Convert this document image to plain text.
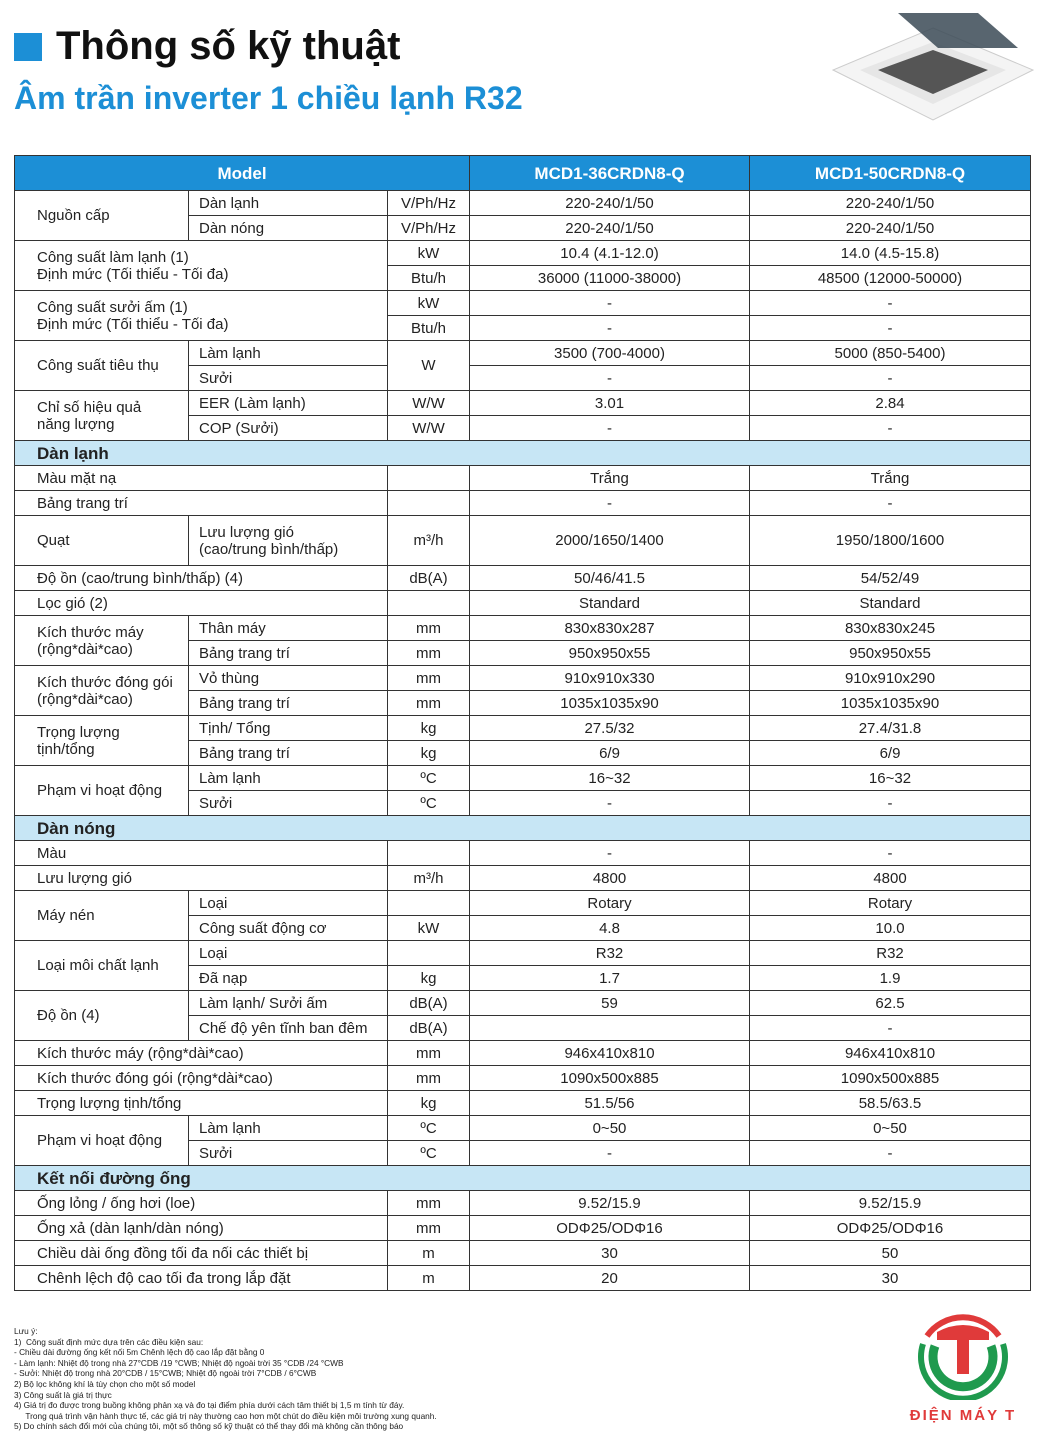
Thông số kỹ thuật
Âm trần inverter 1 chiều lạnh R32
Model			MCD1-36CRDN8-Q	MCD1-50CRDN8-Q
Nguồn cấp	Dàn lạnh	V/Ph/Hz	220-240/1/50	220-240/1/50
	Dàn nóng	V/Ph/Hz	220-240/1/50	220-240/1/50
Công suất làm lạnh (1)
Định mức (Tối thiểu - Tối đa)		kW	10.4 (4.1-12.0)	14.0 (4.5-15.8)
		Btu/h	36000 (11000-38000)	48500 (12000-50000)
Công suất sưởi ấm (1)
Định mức (Tối thiểu - Tối đa)		kW	-	-
		Btu/h	-	-
Công suất tiêu thụ	Làm lạnh	W	3500 (700-4000)	5000 (850-5400)
	Sưởi		-	-
Chỉ số hiệu quả
năng lượng	EER (Làm lạnh)	W/W	3.01	2.84
	COP (Sưởi)	W/W	-	-
Dàn lạnh				
Màu mặt nạ			Trắng	Trắng
Bảng trang trí			-	-
Quạt	Lưu lượng gió
(cao/trung bình/thấp)	m³/h	2000/1650/1400	1950/1800/1600
Độ ồn (cao/trung bình/thấp) (4)		dB(A)	50/46/41.5	54/52/49
Lọc gió (2)			Standard	Standard
Kích thước máy
(rộng*dài*cao)	Thân máy	mm	830x830x287	830x830x245
	Bảng trang trí	mm	950x950x55	950x950x55
Kích thước đóng gói
(rộng*dài*cao)	Vỏ thùng	mm	910x910x330	910x910x290
	Bảng trang trí	mm	1035x1035x90	1035x1035x90
Trọng lượng
tịnh/tổng	Tịnh/ Tổng	kg	27.5/32	27.4/31.8
	Bảng trang trí	kg	6/9	6/9
Phạm vi hoạt động	Làm lạnh	ºC	16~32	16~32
	Sưởi	ºC	-	-
Dàn nóng				
Màu			-	-
Lưu lượng gió		m³/h	4800	4800
Máy nén	Loại		Rotary	Rotary
	Công suất động cơ	kW	4.8	10.0
Loại môi chất lạnh	Loại		R32	R32
	Đã nạp	kg	1.7	1.9
Độ ồn (4)	Làm lạnh/ Sưởi ấm	dB(A)	59	62.5
	Chế độ yên tĩnh ban đêm	dB(A)		-
Kích thước máy (rộng*dài*cao)		mm	946x410x810	946x410x810
Kích thước đóng gói (rộng*dài*cao)		mm	1090x500x885	1090x500x885
Trọng lượng tịnh/tổng		kg	51.5/56	58.5/63.5
Phạm vi hoạt động	Làm lạnh	ºC	0~50	0~50
	Sưởi	ºC	-	-
Kết nối đường ống				
Ống lỏng / ống hơi (loe)		mm	9.52/15.9	9.52/15.9
Ống xả (dàn lạnh/dàn nóng)		mm	ODΦ25/ODΦ16	ODΦ25/ODΦ16
Chiều dài ống đồng tối đa nối các thiết bị		m	30	50
Chênh lệch độ cao tối đa trong lắp đặt		m	20	30
Lưu ý:
1)  Công suất định mức dựa trên các điều kiện sau:
- Chiều dài đường ống kết nối 5m Chênh lệch độ cao lắp đặt bằng 0
- Làm lạnh: Nhiệt độ trong nhà 27°CDB /19 °CWB; Nhiệt độ ngoài trời 35 °CDB /24 °CWB
- Sưởi: Nhiệt độ trong nhà 20°CDB / 15°CWB; Nhiệt độ ngoài trời 7°CDB / 6°CWB
2) Bộ lọc không khí là tùy chọn cho một số model
3) Công suất là giá trị thực
4) Giá trị đo được trong buồng không phản xạ và đo tại điểm phía dưới cách tâm thiết bị 1,5 m tính từ đáy.
Trong quá trình vận hành thực tế, các giá trị này thường cao hơn một chút do điều kiện môi trường xung quanh.
5) Do chính sách đổi mới của chúng tôi, một số thông số kỹ thuật có thể thay đổi mà không cần thông báo
ĐIỆN MÁY T
